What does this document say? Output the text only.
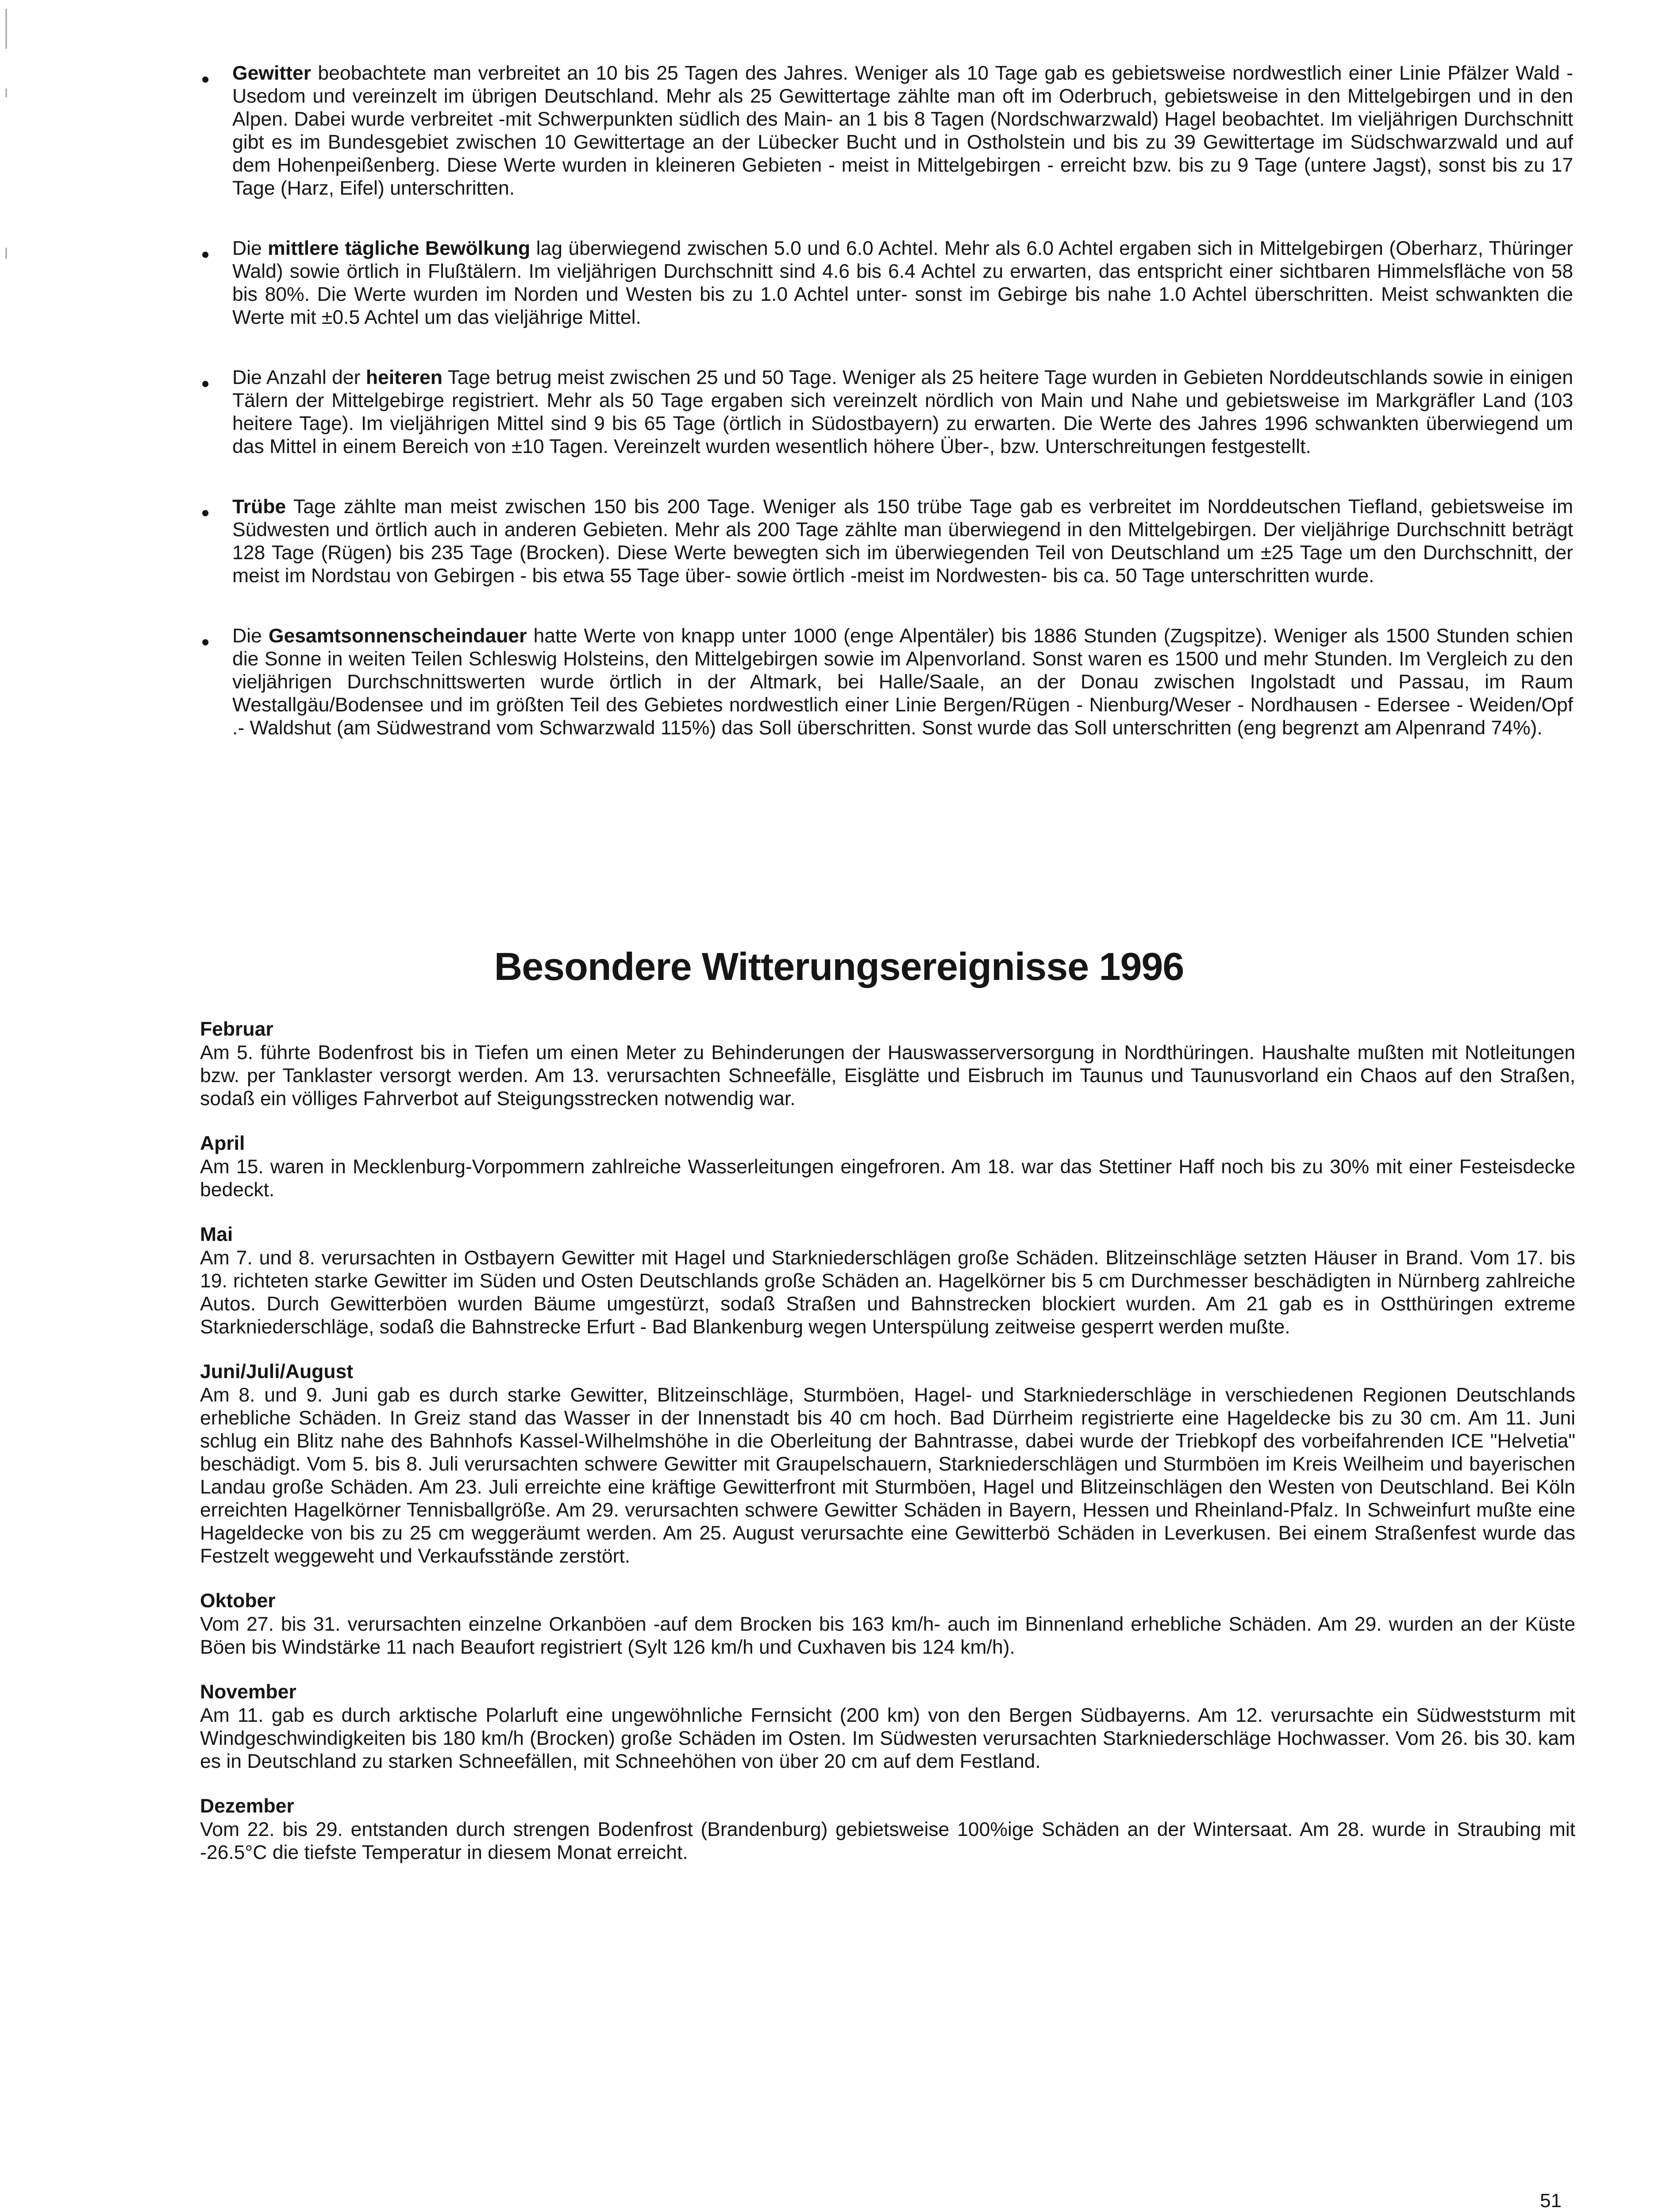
• Gewitter beobachtete man verbreitet an 10 bis 25 Tagen des Jahres. Weniger als 10 Tage gab es gebietsweise nordwestlich einer Linie Pfälzer Wald - Usedom und vereinzelt im übrigen Deutschland. Mehr als 25 Gewittertage zählte man oft im Oderbruch, gebietsweise in den Mittelgebirgen und in den Alpen. Dabei wurde verbreitet -mit Schwerpunkten südlich des Main- an 1 bis 8 Tagen (Nordschwarzwald) Hagel beobachtet. Im vieljährigen Durchschnitt gibt es im Bundesgebiet zwischen 10 Gewittertage an der Lübecker Bucht und in Ostholstein und bis zu 39 Gewittertage im Südschwarzwald und auf dem Hohenpeißenberg. Diese Werte wurden in kleineren Gebieten - meist in Mittelgebirgen - erreicht bzw. bis zu 9 Tage (untere Jagst), sonst bis zu 17 Tage (Harz, Eifel) unterschritten.
• Die mittlere tägliche Bewölkung lag überwiegend zwischen 5.0 und 6.0 Achtel. Mehr als 6.0 Achtel ergaben sich in Mittelgebirgen (Oberharz, Thüringer Wald) sowie örtlich in Flußtälern. Im vieljährigen Durchschnitt sind 4.6 bis 6.4 Achtel zu erwarten, das entspricht einer sichtbaren Himmelsfläche von 58 bis 80%. Die Werte wurden im Norden und Westen bis zu 1.0 Achtel unter- sonst im Gebirge bis nahe 1.0 Achtel überschritten. Meist schwankten die Werte mit ±0.5 Achtel um das vieljährige Mittel.
• Die Anzahl der heiteren Tage betrug meist zwischen 25 und 50 Tage. Weniger als 25 heitere Tage wurden in Gebieten Norddeutschlands sowie in einigen Tälern der Mittelgebirge registriert. Mehr als 50 Tage ergaben sich vereinzelt nördlich von Main und Nahe und gebietsweise im Markgräfler Land (103 heitere Tage). Im vieljährigen Mittel sind 9 bis 65 Tage (örtlich in Südostbayern) zu erwarten. Die Werte des Jahres 1996 schwankten überwiegend um das Mittel in einem Bereich von ±10 Tagen. Vereinzelt wurden wesentlich höhere Über-, bzw. Unterschreitungen festgestellt.
• Trübe Tage zählte man meist zwischen 150 bis 200 Tage. Weniger als 150 trübe Tage gab es verbreitet im Norddeutschen Tiefland, gebietsweise im Südwesten und örtlich auch in anderen Gebieten. Mehr als 200 Tage zählte man überwiegend in den Mittelgebirgen. Der vieljährige Durchschnitt beträgt 128 Tage (Rügen) bis 235 Tage (Brocken). Diese Werte bewegten sich im überwiegenden Teil von Deutschland um ±25 Tage um den Durchschnitt, der meist im Nordstau von Gebirgen - bis etwa 55 Tage über- sowie örtlich -meist im Nordwesten- bis ca. 50 Tage unterschritten wurde.
• Die Gesamtsonnenscheindauer hatte Werte von knapp unter 1000 (enge Alpentäler) bis 1886 Stunden (Zugspitze). Weniger als 1500 Stunden schien die Sonne in weiten Teilen Schleswig Holsteins, den Mittelgebirgen sowie im Alpenvorland. Sonst waren es 1500 und mehr Stunden. Im Vergleich zu den vieljährigen Durchschnittswerten wurde örtlich in der Altmark, bei Halle/Saale, an der Donau zwischen Ingolstadt und Passau, im Raum Westallgäu/Bodensee und im größten Teil des Gebietes nordwestlich einer Linie Bergen/Rügen - Nienburg/Weser - Nordhausen - Edersee - Weiden/Opf .- Waldshut (am Südwestrand vom Schwarzwald 115%) das Soll überschritten. Sonst wurde das Soll unterschritten (eng begrenzt am Alpenrand 74%).
Besondere Witterungsereignisse 1996
Februar
Am 5. führte Bodenfrost bis in Tiefen um einen Meter zu Behinderungen der Hauswasserversorgung in Nordthüringen. Haushalte mußten mit Notleitungen bzw. per Tanklaster versorgt werden. Am 13. verursachten Schneefälle, Eisglätte und Eisbruch im Taunus und Taunusvorland ein Chaos auf den Straßen, sodaß ein völliges Fahrverbot auf Steigungsstrecken notwendig war.
April
Am 15. waren in Mecklenburg-Vorpommern zahlreiche Wasserleitungen eingefroren. Am 18. war das Stettiner Haff noch bis zu 30% mit einer Festeisdecke bedeckt.
Mai
Am 7. und 8. verursachten in Ostbayern Gewitter mit Hagel und Starkniederschlägen große Schäden. Blitzeinschläge setzten Häuser in Brand. Vom 17. bis 19. richteten starke Gewitter im Süden und Osten Deutschlands große Schäden an. Hagelkörner bis 5 cm Durchmesser beschädigten in Nürnberg zahlreiche Autos. Durch Gewitterböen wurden Bäume umgestürzt, sodaß Straßen und Bahnstrecken blockiert wurden. Am 21 gab es in Ostthüringen extreme Starkniederschläge, sodaß die Bahnstrecke Erfurt - Bad Blankenburg wegen Unterspülung zeitweise gesperrt werden mußte.
Juni/Juli/August
Am 8. und 9. Juni gab es durch starke Gewitter, Blitzeinschläge, Sturmböen, Hagel- und Starkniederschläge in verschiedenen Regionen Deutschlands erhebliche Schäden. In Greiz stand das Wasser in der Innenstadt bis 40 cm hoch. Bad Dürrheim registrierte eine Hageldecke bis zu 30 cm. Am 11. Juni schlug ein Blitz nahe des Bahnhofs Kassel-Wilhelmshöhe in die Oberleitung der Bahntrasse, dabei wurde der Triebkopf des vorbeifahrenden ICE "Helvetia" beschädigt. Vom 5. bis 8. Juli verursachten schwere Gewitter mit Graupelschauern, Starkniederschlägen und Sturmböen im Kreis Weilheim und bayerischen Landau große Schäden. Am 23. Juli erreichte eine kräftige Gewitterfront mit Sturmböen, Hagel und Blitzeinschlägen den Westen von Deutschland. Bei Köln erreichten Hagelkörner Tennisballgröße. Am 29. verursachten schwere Gewitter Schäden in Bayern, Hessen und Rheinland-Pfalz. In Schweinfurt mußte eine Hageldecke von bis zu 25 cm weggeräumt werden. Am 25. August verursachte eine Gewitterbö Schäden in Leverkusen. Bei einem Straßenfest wurde das Festzelt weggeweht und Verkaufsstände zerstört.
Oktober
Vom 27. bis 31. verursachten einzelne Orkanböen -auf dem Brocken bis 163 km/h- auch im Binnenland erhebliche Schäden. Am 29. wurden an der Küste Böen bis Windstärke 11 nach Beaufort registriert (Sylt 126 km/h und Cuxhaven bis 124 km/h).
November
Am 11. gab es durch arktische Polarluft eine ungewöhnliche Fernsicht (200 km) von den Bergen Südbayerns. Am 12. verursachte ein Südweststurm mit Windgeschwindigkeiten bis 180 km/h (Brocken) große Schäden im Osten. Im Südwesten verursachten Starkniederschläge Hochwasser. Vom 26. bis 30. kam es in Deutschland zu starken Schneefällen, mit Schneehöhen von über 20 cm auf dem Festland.
Dezember
Vom 22. bis 29. entstanden durch strengen Bodenfrost (Brandenburg) gebietsweise 100%ige Schäden an der Wintersaat. Am 28. wurde in Straubing mit -26.5°C die tiefste Temperatur in diesem Monat erreicht.
51
